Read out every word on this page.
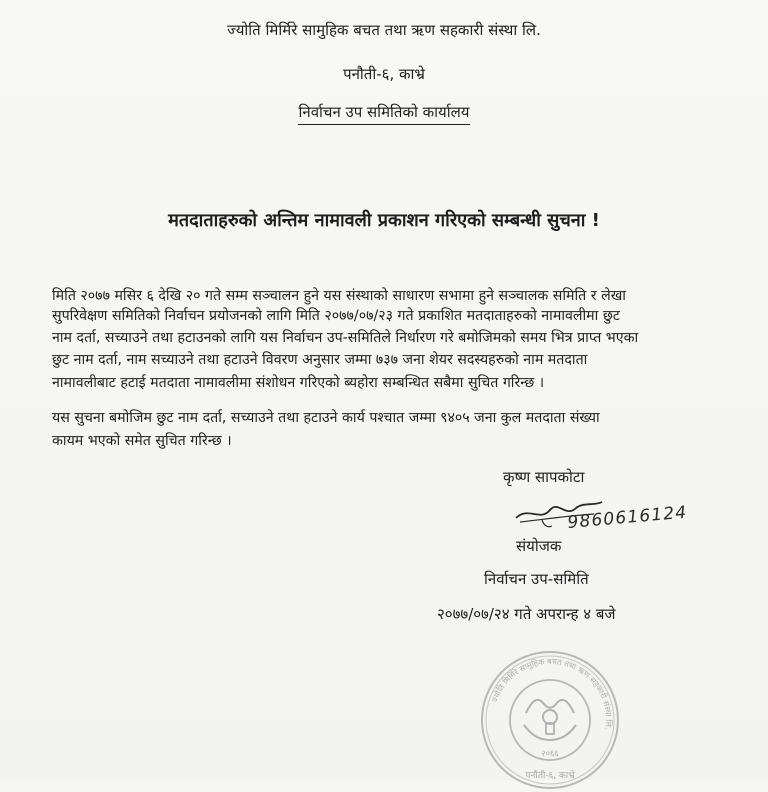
ज्योति मिर्मिरे सामुहिक बचत तथा ऋण सहकारी संस्था लि.
पनौती-६, काभ्रे
निर्वाचन उप समितिको कार्यालय
मतदाताहरुको अन्तिम नामावली प्रकाशन गरिएको सम्बन्धी सुचना !
मिति २०७७ मसिर ६ देखि २० गते सम्म सञ्चालन हुने यस संस्थाको साधारण सभामा हुने सञ्चालक समिति र लेखा
सुपरिवेक्षण समितिको निर्वाचन प्रयोजनको लागि मिति २०७७/०७/२३ गते प्रकाशित मतदाताहरुको नामावलीमा छुट
नाम दर्ता, सच्याउने तथा हटाउनको लागि यस निर्वाचन उप-समितिले निर्धारण गरे बमोजिमको समय भित्र प्राप्त भएका
छुट नाम दर्ता, नाम सच्याउने तथा हटाउने विवरण अनुसार जम्मा ७३७ जना शेयर सदस्यहरुको नाम मतदाता
नामावलीबाट हटाई मतदाता नामावलीमा संशोधन गरिएको ब्यहोरा सम्बन्धित सबैमा सुचित गरिन्छ ।
यस सुचना बमोजिम छुट नाम दर्ता, सच्याउने तथा हटाउने कार्य पश्चात जम्मा ९४०५ जना कुल मतदाता संख्या
कायम भएको समेत सुचित गरिन्छ ।
कृष्ण सापकोटा
9860616124
संयोजक
निर्वाचन उप-समिति
२०७७/०७/२४ गते अपरान्ह ४ बजे
ज्योति मिर्मिरे सामुहिक बचत तथा ऋण सहकारी संस्था लि.
२०६६
पनौती-६, काभ्रे
